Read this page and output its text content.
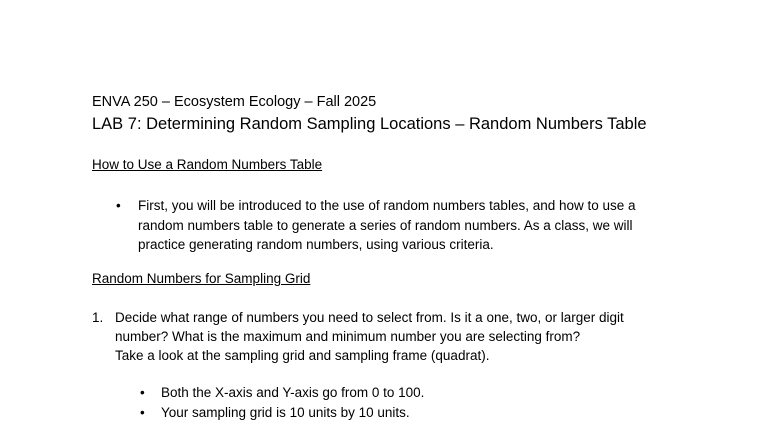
ENVA 250 – Ecosystem Ecology – Fall 2025
LAB 7: Determining Random Sampling Locations – Random Numbers Table
How to Use a Random Numbers Table
•	First, you will be introduced to the use of random numbers tables, and how to use a random numbers table to generate a series of random numbers. As a class, we will practice generating random numbers, using various criteria.
Random Numbers for Sampling Grid
1. Decide what range of numbers you need to select from. Is it a one, two, or larger digit
number? What is the maximum and minimum number you are selecting from?
Take a look at the sampling grid and sampling frame (quadrat).
• Both the X-axis and Y-axis go from 0 to 100.
• Your sampling grid is 10 units by 10 units.
